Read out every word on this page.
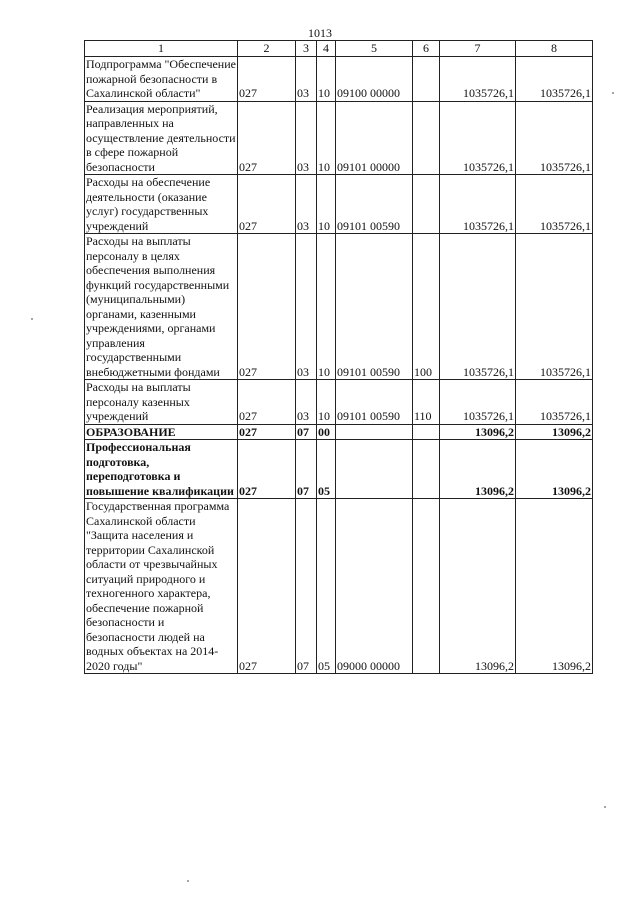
1013
1	2	3	4	5	6	7	8
Подпрограмма "Обеспечение пожарной безопасности в Сахалинской области"	027	03	10	09100 00000		1035726,1	1035726,1
Реализация мероприятий, направленных на осуществление деятельности в сфере пожарной безопасности	027	03	10	09101 00000		1035726,1	1035726,1
Расходы на обеспечение деятельности (оказание услуг) государственных учреждений	027	03	10	09101 00590		1035726,1	1035726,1
Расходы на выплаты персоналу в целях обеспечения выполнения функций государственными (муниципальными) органами, казенными учреждениями, органами управления государственными внебюджетными фондами	027	03	10	09101 00590	100	1035726,1	1035726,1
Расходы на выплаты персоналу казенных учреждений	027	03	10	09101 00590	110	1035726,1	1035726,1
ОБРАЗОВАНИЕ	027	07	00			13096,2	13096,2
Профессиональная подготовка, переподготовка и повышение квалификации	027	07	05			13096,2	13096,2
Государственная программа Сахалинской области "Защита населения и территории Сахалинской области от чрезвычайных ситуаций природного и техногенного характера, обеспечение пожарной безопасности и безопасности людей на водных объектах на 2014-2020 годы"	027	07	05	09000 00000		13096,2	13096,2
